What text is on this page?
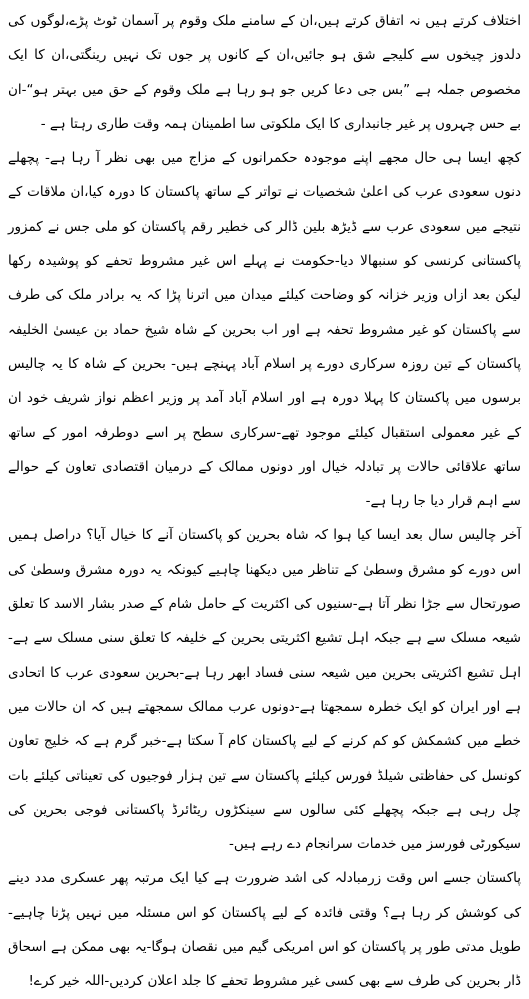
اختلاف کرتے ہیں نہ اتفاق کرتے ہیں،ان کے سامنے ملک وقوم پر آسمان ٹوٹ پڑے،لوگوں کی دلدوز چیخوں سے کلیجے شق ہو جائیں،ان کے کانوں پر جوں تک نہیں رینگتی،ان کا ایک مخصوص جملہ ہے ”بس جی دعا کریں جو ہو رہا ہے ملک وقوم کے حق میں بہتر ہو“-ان بے حس چہروں پر غیر جانبداری کا ایک ملکوتی سا اطمینان ہمہ وقت طاری رہتا ہے -

کچھ ایسا ہی حال مجھے اپنے موجودہ حکمرانوں کے مزاج میں بھی نظر آ رہا ہے- پچھلے دنوں سعودی عرب کی اعلیٰ شخصیات نے تواتر کے ساتھ پاکستان کا دورہ کیا،ان ملاقات کے نتیجے میں سعودی عرب سے ڈیڑھ بلین ڈالر کی خطیر رقم پاکستان کو ملی جس نے کمزور پاکستانی کرنسی کو سنبھالا دیا-حکومت نے پہلے اس غیر مشروط تحفے کو پوشیدہ رکھا لیکن بعد ازاں وزیر خزانہ کو وضاحت کیلئے میدان میں اترنا پڑا کہ یہ برادر ملک کی طرف سے پاکستان کو غیر مشروط تحفہ ہے اور اب بحرین کے شاہ شیخ حماد بن عیسیٰ الخلیفہ پاکستان کے تین روزہ سرکاری دورے پر اسلام آباد پہنچے ہیں- بحرین کے شاہ کا یہ چالیس برسوں میں پاکستان کا پہلا دورہ ہے اور اسلام آباد آمد پر وزیر اعظم نواز شریف خود ان کے غیر معمولی استقبال کیلئے موجود تھے-سرکاری سطح پر اسے دوطرفہ امور کے ساتھ ساتھ علاقائی حالات پر تبادلہ خیال اور دونوں ممالک کے درمیان اقتصادی تعاون کے حوالے سے اہم قرار دیا جا رہا ہے-

آخر چالیس سال بعد ایسا کیا ہوا کہ شاہ بحرین کو پاکستان آنے کا خیال آیا؟ دراصل ہمیں اس دورے کو مشرق وسطیٰ کے تناظر میں دیکھنا چاہیے کیونکہ یہ دورہ مشرق وسطیٰ کی صورتحال سے جڑا نظر آتا ہے-سنیوں کی اکثریت کے حامل شام کے صدر بشار الاسد کا تعلق شیعہ مسلک سے ہے جبکہ اہل تشیع اکثریتی بحرین کے خلیفہ کا تعلق سنی مسلک سے ہے-اہل تشیع اکثریتی بحرین میں شیعہ سنی فساد ابھر رہا ہے-بحرین سعودی عرب کا اتحادی ہے اور ایران کو ایک خطرہ سمجھتا ہے-دونوں عرب ممالک سمجھتے ہیں کہ ان حالات میں خطے میں کشمکش کو کم کرنے کے لیے پاکستان کام آ سکتا ہے-خبر گرم ہے کہ خلیج تعاون کونسل کی حفاظتی شیلڈ فورس کیلئے پاکستان سے تین ہزار فوجیوں کی تعیناتی کیلئے بات چل رہی ہے جبکہ پچھلے کئی سالوں سے سینکڑوں ریٹائرڈ پاکستانی فوجی بحرین کی سیکورٹی فورسز میں خدمات سرانجام دے رہے ہیں-

پاکستان جسے اس وقت زرمبادلہ کی اشد ضرورت ہے کیا ایک مرتبہ پھر عسکری مدد دینے کی کوشش کر رہا ہے؟ وقتی فائدہ کے لیے پاکستان کو اس مسئلہ میں نہیں پڑنا چاہیے-طویل مدتی طور پر پاکستان کو اس امریکی گیم میں نقصان ہوگا-یہ بھی ممکن ہے اسحاق ڈار بحرین کی طرف سے بھی کسی غیر مشروط تحفے کا جلد اعلان کردیں-اللہ خیر کرے!
